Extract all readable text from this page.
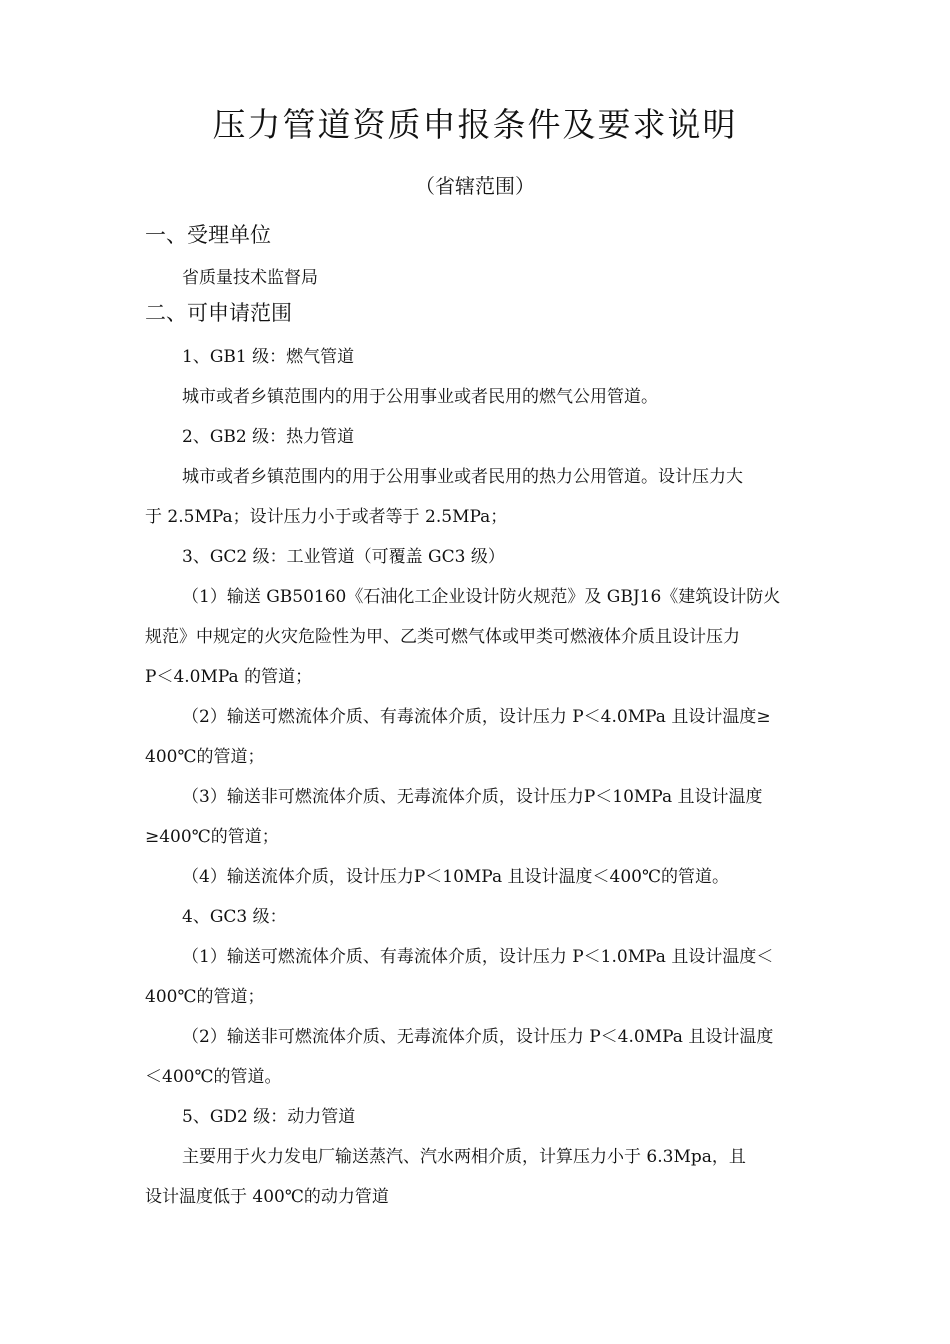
压力管道资质申报条件及要求说明
（省辖范围）
一、受理单位
省质量技术监督局
二、可申请范围
1、GB1 级：燃气管道
城市或者乡镇范围内的用于公用事业或者民用的燃气公用管道。
2、GB2 级：热力管道
城市或者乡镇范围内的用于公用事业或者民用的热力公用管道。设计压力大
于 2.5MPa；设计压力小于或者等于 2.5MPa；
3、GC2 级：工业管道（可覆盖 GC3 级）
（1）输送 GB50160《石油化工企业设计防火规范》及 GBJ16《建筑设计防火
规范》中规定的火灾危险性为甲、乙类可燃气体或甲类可燃液体介质且设计压力
P＜4.0MPa 的管道；
（2）输送可燃流体介质、有毒流体介质，设计压力 P＜4.0MPa 且设计温度≥
400℃的管道；
（3）输送非可燃流体介质、无毒流体介质，设计压力P＜10MPa 且设计温度
≥400℃的管道；
（4）输送流体介质，设计压力P＜10MPa 且设计温度＜400℃的管道。
4、GC3 级：
（1）输送可燃流体介质、有毒流体介质，设计压力 P＜1.0MPa 且设计温度＜
400℃的管道；
（2）输送非可燃流体介质、无毒流体介质，设计压力 P＜4.0MPa 且设计温度
＜400℃的管道。
5、GD2 级：动力管道
主要用于火力发电厂输送蒸汽、汽水两相介质，计算压力小于 6.3Mpa，且
设计温度低于 400℃的动力管道
